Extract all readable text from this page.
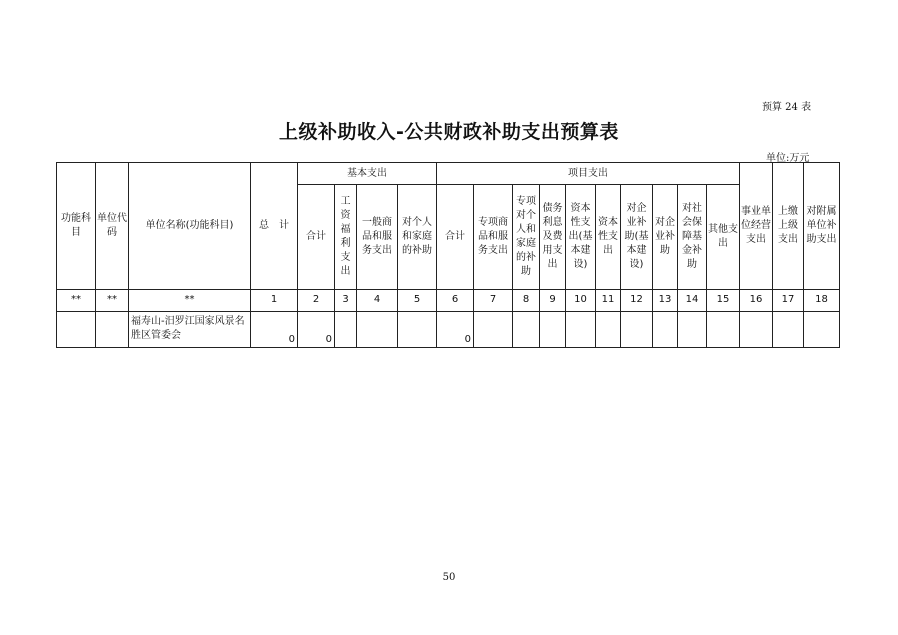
预算 24 表
上级补助收入-公共财政补助支出预算表
单位:万元
功能科目	单位代码	单位名称(功能科目)	总　计	基本支出				项目支出										事业单位经营支出	上缴上级支出	对附属单位补助支出
				合计	工资福利支出	一般商品和服务支出	对个人和家庭的补助	合计	专项商品和服务支出	专项对个人和家庭的补助	债务利息及费用支出	资本性支出(基本建设)	资本性支出	对企业补助(基本建设)	对企业补助	对社会保障基金补助	其他支出			
**	**	**	1	2	3	4	5	6	7	8	9	10	11	12	13	14	15	16	17	18
		福寿山-汨罗江国家风景名胜区管委会	0	0				0												
50
